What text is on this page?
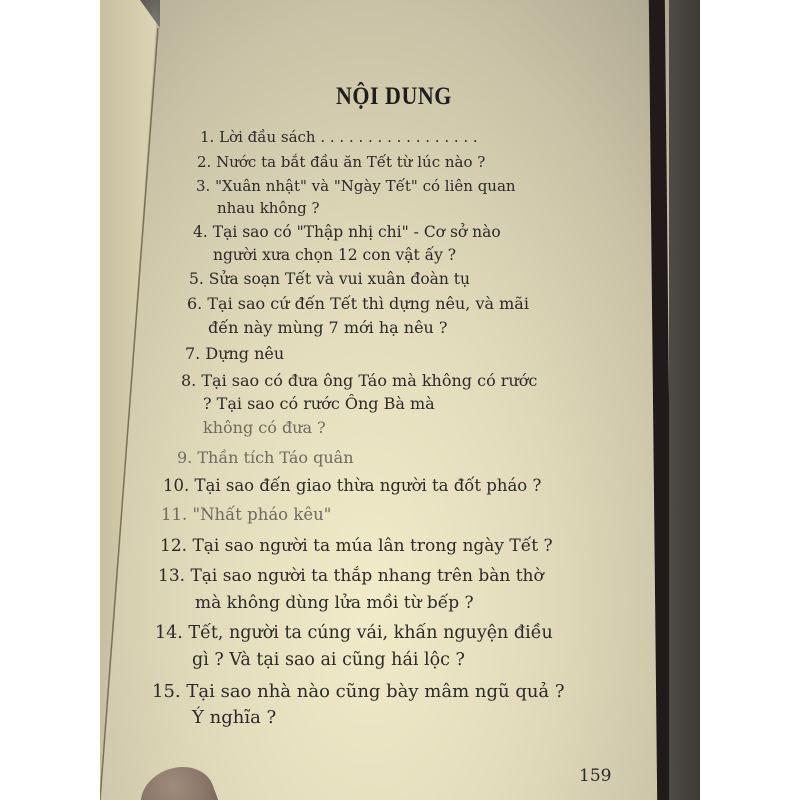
NỘI DUNG
1. Lời đầu sách . . . . . . . . . . . . . . . . .
2. Nước ta bắt đầu ăn Tết từ lúc nào ?
3. "Xuân nhật" và "Ngày Tết" có liên quan
nhau không ?
4. Tại sao có "Thập nhị chi" - Cơ sở nào
người xưa chọn 12 con vật ấy ?
5. Sửa soạn Tết và vui xuân đoàn tụ
6. Tại sao cứ đến Tết thì dựng nêu, và mãi
đến này mùng 7 mới hạ nêu ?
7. Dựng nêu
8. Tại sao có đưa ông Táo mà không có rước
? Tại sao có rước Ông Bà mà
không có đưa ?
9. Thần tích Táo quân
10. Tại sao đến giao thừa người ta đốt pháo ?
11. "Nhất pháo kêu"
12. Tại sao người ta múa lân trong ngày Tết ?
13. Tại sao người ta thắp nhang trên bàn thờ
mà không dùng lửa mồi từ bếp ?
14. Tết, người ta cúng vái, khấn nguyện điều
gì ? Và tại sao ai cũng hái lộc ?
15. Tại sao nhà nào cũng bày mâm ngũ quả ?
Ý nghĩa ?
159
